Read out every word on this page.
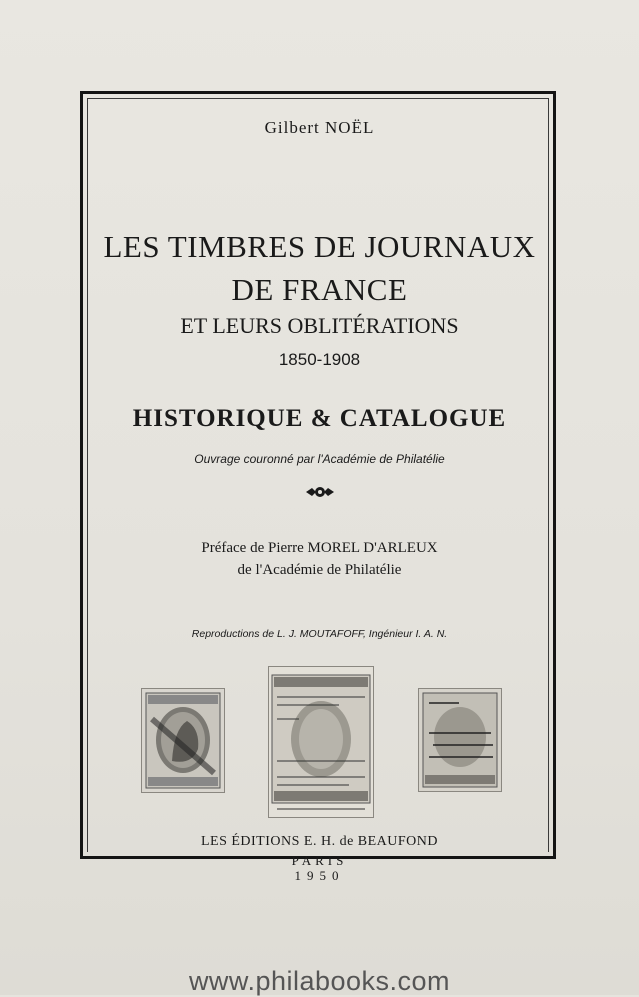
Gilbert NOËL
LES TIMBRES DE JOURNAUX
DE FRANCE
ET LEURS OBLITÉRATIONS
1850-1908
HISTORIQUE & CATALOGUE
Ouvrage couronné par l'Académie de Philatélie
Préface de Pierre MOREL D'ARLEUX
de l'Académie de Philatélie
Reproductions de L. J. MOUTAFOFF, Ingénieur I. A. N.
LES ÉDITIONS E. H. de BEAUFOND
PARIS
1950
www.philabooks.com
